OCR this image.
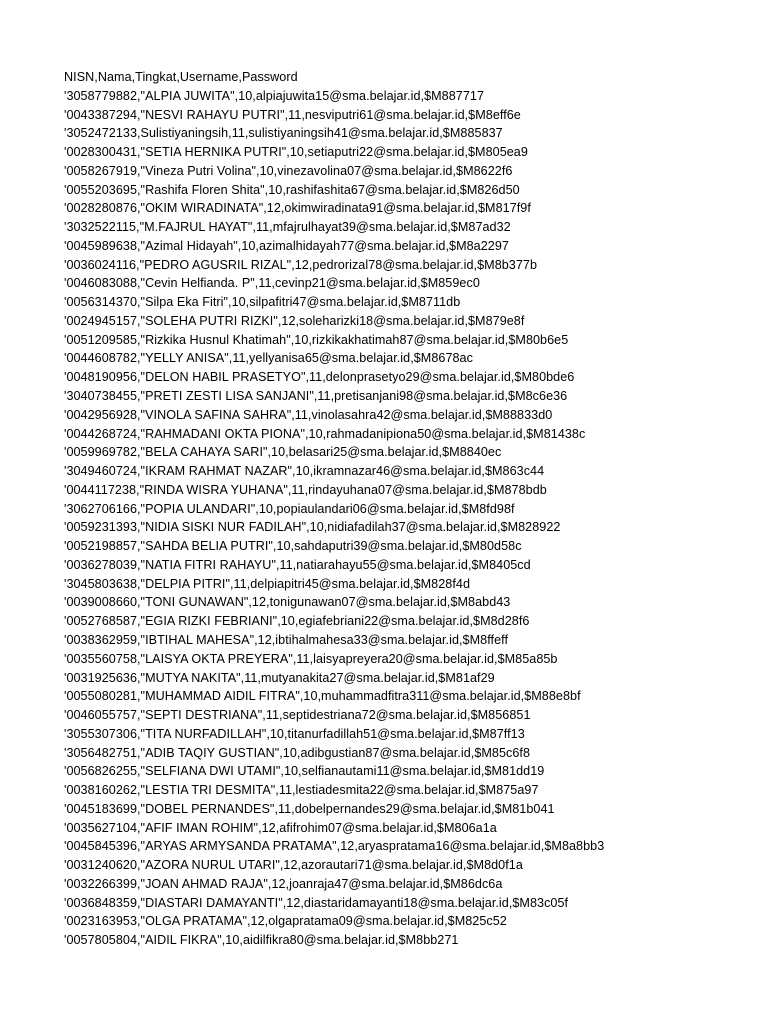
NISN,Nama,Tingkat,Username,Password
'3058779882,"ALPIA JUWITA",10,alpiajuwita15@sma.belajar.id,$M887717
'0043387294,"NESVI RAHAYU PUTRI",11,nesviputri61@sma.belajar.id,$M8eff6e
'3052472133,Sulistiyaningsih,11,sulistiyaningsih41@sma.belajar.id,$M885837
'0028300431,"SETIA HERNIKA PUTRI",10,setiaputri22@sma.belajar.id,$M805ea9
'0058267919,"Vineza Putri Volina",10,vinezavolina07@sma.belajar.id,$M8622f6
'0055203695,"Rashifa Floren Shita",10,rashifashita67@sma.belajar.id,$M826d50
'0028280876,"OKIM WIRADINATA",12,okimwiradinata91@sma.belajar.id,$M817f9f
'3032522115,"M.FAJRUL HAYAT",11,mfajrulhayat39@sma.belajar.id,$M87ad32
'0045989638,"Azimal Hidayah",10,azimalhidayah77@sma.belajar.id,$M8a2297
'0036024116,"PEDRO AGUSRIL RIZAL",12,pedrorizal78@sma.belajar.id,$M8b377b
'0046083088,"Cevin Helfianda. P",11,cevinp21@sma.belajar.id,$M859ec0
'0056314370,"Silpa Eka Fitri",10,silpafitri47@sma.belajar.id,$M8711db
'0024945157,"SOLEHA PUTRI RIZKI",12,soleharizki18@sma.belajar.id,$M879e8f
'0051209585,"Rizkika Husnul Khatimah",10,rizkikakhatimah87@sma.belajar.id,$M80b6e5
'0044608782,"YELLY ANISA",11,yellyanisa65@sma.belajar.id,$M8678ac
'0048190956,"DELON HABIL PRASETYO",11,delonprasetyo29@sma.belajar.id,$M80bde6
'3040738455,"PRETI ZESTI LISA SANJANI",11,pretisanjani98@sma.belajar.id,$M8c6e36
'0042956928,"VINOLA SAFINA SAHRA",11,vinolasahra42@sma.belajar.id,$M88833d0
'0044268724,"RAHMADANI OKTA PIONA",10,rahmadanipiona50@sma.belajar.id,$M81438c
'0059969782,"BELA CAHAYA SARI",10,belasari25@sma.belajar.id,$M8840ec
'3049460724,"IKRAM RAHMAT NAZAR",10,ikramnazar46@sma.belajar.id,$M863c44
'0044117238,"RINDA WISRA YUHANA",11,rindayuhana07@sma.belajar.id,$M878bdb
'3062706166,"POPIA ULANDARI",10,popiaulandari06@sma.belajar.id,$M8fd98f
'0059231393,"NIDIA SISKI NUR FADILAH",10,nidiafadilah37@sma.belajar.id,$M828922
'0052198857,"SAHDA BELIA PUTRI",10,sahdaputri39@sma.belajar.id,$M80d58c
'0036278039,"NATIA FITRI RAHAYU",11,natiarahayu55@sma.belajar.id,$M8405cd
'3045803638,"DELPIA PITRI",11,delpiapitri45@sma.belajar.id,$M828f4d
'0039008660,"TONI GUNAWAN",12,tonigunawan07@sma.belajar.id,$M8abd43
'0052768587,"EGIA RIZKI FEBRIANI",10,egiafebriani22@sma.belajar.id,$M8d28f6
'0038362959,"IBTIHAL MAHESA",12,ibtihalmahesa33@sma.belajar.id,$M8ffeff
'0035560758,"LAISYA OKTA PREYERA",11,laisyapreyera20@sma.belajar.id,$M85a85b
'0031925636,"MUTYA NAKITA",11,mutyanakita27@sma.belajar.id,$M81af29
'0055080281,"MUHAMMAD AIDIL FITRA",10,muhammadfitra311@sma.belajar.id,$M88e8bf
'0046055757,"SEPTI DESTRIANA",11,septidestriana72@sma.belajar.id,$M856851
'3055307306,"TITA NURFADILLAH",10,titanurfadillah51@sma.belajar.id,$M87ff13
'3056482751,"ADIB TAQIY GUSTIAN",10,adibgustian87@sma.belajar.id,$M85c6f8
'0056826255,"SELFIANA DWI UTAMI",10,selfianautami11@sma.belajar.id,$M81dd19
'0038160262,"LESTIA TRI DESMITA",11,lestiadesmita22@sma.belajar.id,$M875a97
'0045183699,"DOBEL PERNANDES",11,dobelpernandes29@sma.belajar.id,$M81b041
'0035627104,"AFIF IMAN ROHIM",12,afifrohim07@sma.belajar.id,$M806a1a
'0045845396,"ARYAS ARMYSANDA PRATAMA",12,aryaspratama16@sma.belajar.id,$M8a8bb3
'0031240620,"AZORA NURUL UTARI",12,azorautari71@sma.belajar.id,$M8d0f1a
'0032266399,"JOAN AHMAD RAJA",12,joanraja47@sma.belajar.id,$M86dc6a
'0036848359,"DIASTARI DAMAYANTI",12,diastaridamayanti18@sma.belajar.id,$M83c05f
'0023163953,"OLGA PRATAMA",12,olgapratama09@sma.belajar.id,$M825c52
'0057805804,"AIDIL FIKRA",10,aidilfikra80@sma.belajar.id,$M8bb271
